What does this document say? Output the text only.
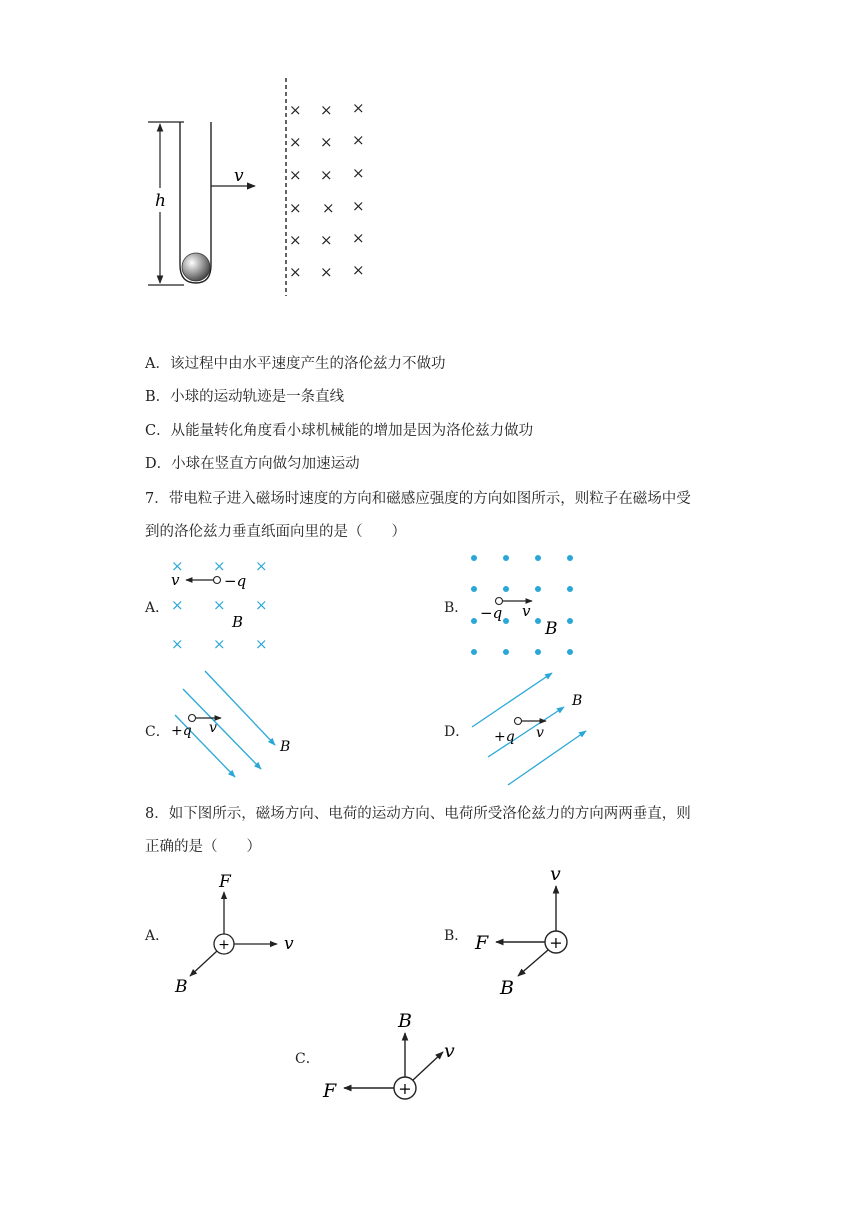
h
v
× × ×
× × ×
× × ×
× × ×
× × ×
× × ×
A．该过程中由水平速度产生的洛伦兹力不做功
B．小球的运动轨迹是一条直线
C．从能量转化角度看小球机械能的增加是因为洛伦兹力做功
D．小球在竖直方向做匀加速运动
7．带电粒子进入磁场时速度的方向和磁感应强度的方向如图所示，则粒子在磁场中受
到的洛伦兹力垂直纸面向里的是（　　）
A．
× × ×
× × ×
× × ×
v	−q
B
B． −q v
B
C． +q v
B
D． +q v
B
8．如下图所示，磁场方向、电荷的运动方向、电荷所受洛伦兹力的方向两两垂直，则
正确的是（　　）
A．
+
F
v
B
B．	+
v
F
B
C．
+
B
v
F
